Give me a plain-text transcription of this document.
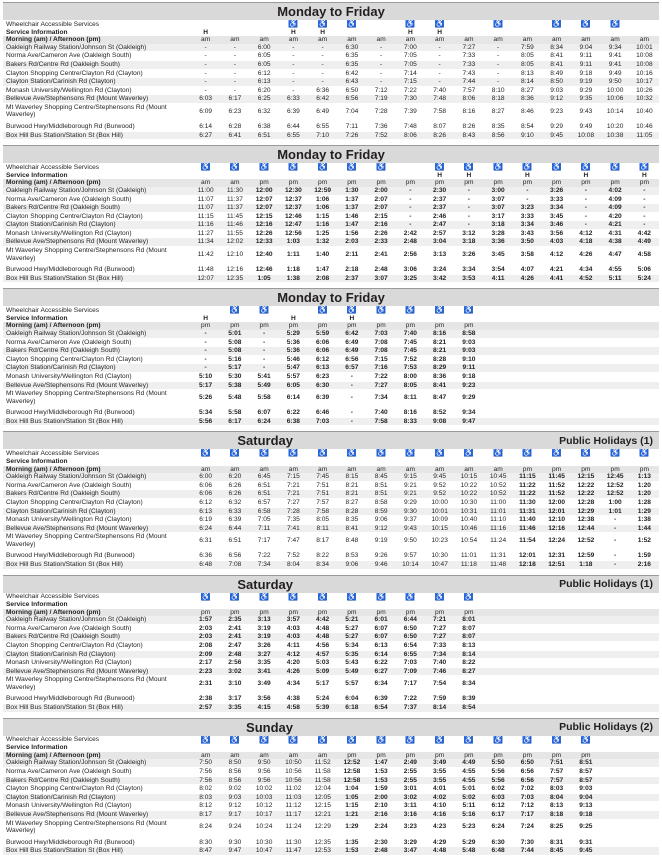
Monday to Friday
Wheelchair Accessible Services				♿	♿	♿		♿	♿		♿		♿	♿	♿	
Service Information	H			H	H			H	H							
Morning (am) / Afternoon (pm)	am	am	am	am	am	am	am	am	am	am	am	am	am	am	am	am
Oakleigh Railway Station/Johnson St (Oakleigh)	-	-	6:00	-	-	6:30	-	7:00	-	7:27	-	7:59	8:34	9:04	9:34	10:01
Norma Ave/Cameron Ave (Oakleigh South)	-	-	6:05	-	-	6:35	-	7:05	-	7:33	-	8:05	8:41	9:11	9:41	10:08
Bakers Rd/Centre Rd (Oakleigh South)	-	-	6:05	-	-	6:35	-	7:05	-	7:33	-	8:05	8:41	9:11	9:41	10:08
Clayton Shopping Centre/Clayton Rd (Clayton)	-	-	6:12	-	-	6:42	-	7:14	-	7:43	-	8:13	8:49	9:18	9:49	10:16
Clayton Station/Carinish Rd (Clayton)	-	-	6:13	-	-	6:43	-	7:15	-	7:44	-	8:14	8:50	9:19	9:50	10:17
Monash University/Wellington Rd (Clayton)	-	-	6:20	-	6:36	6:50	7:12	7:22	7:40	7:57	8:10	8:27	9:03	9:29	10:00	10:26
Bellevue Ave/Stephensons Rd (Mount Waverley)	6:03	6:17	6:25	6:33	6:42	6:56	7:19	7:30	7:48	8:06	8:18	8:36	9:12	9:35	10:06	10:32
Mt Waverley Shopping Centre/Stephensons Rd (Mount Waverley)	6:09	6:23	6:32	6:39	6:49	7:04	7:28	7:39	7:58	8:16	8:27	8:46	9:23	9:43	10:14	10:40

Burwood Hwy/Middleborough Rd (Burwood)	6:14	6:28	6:38	6:44	6:55	7:11	7:36	7:48	8:07	8:26	8:35	8:54	9:29	9:49	10:20	10:46
Box Hill Bus Station/Station St (Box Hill)	6:27	6:41	6:51	6:55	7:10	7:26	7:52	8:06	8:26	8:43	8:56	9:10	9:45	10:08	10:38	11:05
Monday to Friday
Wheelchair Accessible Services	♿	♿	♿	♿	♿	♿	♿		♿	♿	♿	♿	♿	♿	♿	♿
Service Information									H	H		H		H		H
Morning (am) / Afternoon (pm)	am	am	pm	pm	pm	pm	pm	pm	pm	pm	pm	pm	pm	pm	pm	pm
Oakleigh Railway Station/Johnson St (Oakleigh)	11:00	11:30	12:00	12:30	12:59	1:30	2:00	-	2:30	-	3:00	-	3:26	-	4:02	-
Norma Ave/Cameron Ave (Oakleigh South)	11:07	11:37	12:07	12:37	1:06	1:37	2:07	-	2:37	-	3:07	-	3:33	-	4:09	-
Bakers Rd/Centre Rd (Oakleigh South)	11:07	11:37	12:07	12:37	1:06	1:37	2:07	-	2:37	-	3:07	3:23	3:34	-	4:09	-
Clayton Shopping Centre/Clayton Rd (Clayton)	11:15	11:45	12:15	12:46	1:15	1:46	2:15	-	2:46	-	3:17	3:33	3:45	-	4:20	-
Clayton Station/Carinish Rd (Clayton)	11:16	11:46	12:16	12:47	1:16	1:47	2:16	-	2:47	-	3:18	3:34	3:46	-	4:21	-
Monash University/Wellington Rd (Clayton)	11:27	11:55	12:26	12:56	1:25	1:56	2:26	2:42	2:57	3:12	3:28	3:43	3:56	4:12	4:31	4:42
Bellevue Ave/Stephensons Rd (Mount Waverley)	11:34	12:02	12:33	1:03	1:32	2:03	2:33	2:48	3:04	3:18	3:36	3:50	4:03	4:18	4:38	4:49
Mt Waverley Shopping Centre/Stephensons Rd (Mount Waverley)	11:42	12:10	12:40	1:11	1:40	2:11	2:41	2:56	3:13	3:26	3:45	3:58	4:12	4:26	4:47	4:58

Burwood Hwy/Middleborough Rd (Burwood)	11:48	12:16	12:46	1:18	1:47	2:18	2:48	3:06	3:24	3:34	3:54	4:07	4:21	4:34	4:55	5:06
Box Hill Bus Station/Station St (Box Hill)	12:07	12:35	1:05	1:38	2:08	2:37	3:07	3:25	3:42	3:53	4:11	4:26	4:41	4:52	5:11	5:24
Monday to Friday
Wheelchair Accessible Services		♿	♿		♿	♿	♿	♿	♿	♿						
Service Information	H			H		H										
Morning (am) / Afternoon (pm)	pm	pm	pm	pm	pm	pm	pm	pm	pm	pm						
Oakleigh Railway Station/Johnson St (Oakleigh)	-	5:01	-	5:29	5:59	6:42	7:03	7:40	8:16	8:58						
Norma Ave/Cameron Ave (Oakleigh South)	-	5:08	-	5:36	6:06	6:49	7:08	7:45	8:21	9:03						
Bakers Rd/Centre Rd (Oakleigh South)	-	5:08	-	5:36	6:06	6:49	7:08	7:45	8:21	9:03						
Clayton Shopping Centre/Clayton Rd (Clayton)	-	5:16	-	5:46	6:12	6:56	7:15	7:52	8:28	9:10						
Clayton Station/Carinish Rd (Clayton)	-	5:17	-	5:47	6:13	6:57	7:16	7:53	8:29	9:11						
Monash University/Wellington Rd (Clayton)	5:10	5:30	5:41	5:57	6:23	-	7:22	8:00	8:36	9:18						
Bellevue Ave/Stephensons Rd (Mount Waverley)	5:17	5:38	5:49	6:05	6:30	-	7:27	8:05	8:41	9:23						
Mt Waverley Shopping Centre/Stephensons Rd (Mount Waverley)	5:26	5:48	5:58	6:14	6:39	-	7:34	8:11	8:47	9:29						

Burwood Hwy/Middleborough Rd (Burwood)	5:34	5:58	6:07	6:22	6:46	-	7:40	8:16	8:52	9:34						
Box Hill Bus Station/Station St (Box Hill)	5:56	6:17	6:24	6:38	7:03	-	7:58	8:33	9:08	9:47						
Saturday	Public Holidays (1)
Wheelchair Accessible Services	♿	♿	♿	♿	♿	♿	♿	♿	♿	♿	♿	♿	♿	♿	♿	♿
Service Information																
Morning (am) / Afternoon (pm)	am	am	am	am	am	am	am	am	am	am	am	pm	pm	pm	pm	pm
Oakleigh Railway Station/Johnson St (Oakleigh)	6:00	6:20	6:45	7:15	7:45	8:15	8:45	9:15	9:45	10:15	10:45	11:15	11:45	12:15	12:45	1:13
Norma Ave/Cameron Ave (Oakleigh South)	6:06	6:26	6:51	7:21	7:51	8:21	8:51	9:21	9:52	10:22	10:52	11:22	11:52	12:22	12:52	1:20
Bakers Rd/Centre Rd (Oakleigh South)	6:06	6:26	6:51	7:21	7:51	8:21	8:51	9:21	9:52	10:22	10:52	11:22	11:52	12:22	12:52	1:20
Clayton Shopping Centre/Clayton Rd (Clayton)	6:12	6:32	6:57	7:27	7:57	8:27	8:58	9:29	10:00	10:30	11:00	11:30	12:00	12:28	1:00	1:28
Clayton Station/Carinish Rd (Clayton)	6:13	6:33	6:58	7:28	7:58	8:28	8:59	9:30	10:01	10:31	11:01	11:31	12:01	12:29	1:01	1:29
Monash University/Wellington Rd (Clayton)	6:19	6:39	7:05	7:35	8:05	8:35	9:06	9:37	10:09	10:40	11:10	11:40	12:10	12:38	-	1:38
Bellevue Ave/Stephensons Rd (Mount Waverley)	6:24	6:44	7:11	7:41	8:11	8:41	9:12	9:43	10:15	10:46	11:16	11:46	12:16	12:44	-	1:44
Mt Waverley Shopping Centre/Stephensons Rd (Mount Waverley)	6:31	6:51	7:17	7:47	8:17	8:48	9:19	9:50	10:23	10:54	11:24	11:54	12:24	12:52	-	1:52

Burwood Hwy/Middleborough Rd (Burwood)	6:36	6:56	7:22	7:52	8:22	8:53	9:26	9:57	10:30	11:01	11:31	12:01	12:31	12:59	-	1:59
Box Hill Bus Station/Station St (Box Hill)	6:48	7:08	7:34	8:04	8:34	9:06	9:46	10:14	10:47	11:18	11:48	12:18	12:51	1:18	-	2:16
Saturday	Public Holidays (1)
Wheelchair Accessible Services	♿	♿	♿	♿	♿	♿	♿	♿	♿	♿						
Service Information																
Morning (am) / Afternoon (pm)	pm	pm	pm	pm	pm	pm	pm	pm	pm	pm						
Oakleigh Railway Station/Johnson St (Oakleigh)	1:57	2:35	3:13	3:57	4:42	5:21	6:01	6:44	7:21	8:01						
Norma Ave/Cameron Ave (Oakleigh South)	2:03	2:41	3:19	4:03	4:48	5:27	6:07	6:50	7:27	8:07						
Bakers Rd/Centre Rd (Oakleigh South)	2:03	2:41	3:19	4:03	4:48	5:27	6:07	6:50	7:27	8:07						
Clayton Shopping Centre/Clayton Rd (Clayton)	2:08	2:47	3:26	4:11	4:56	5:34	6:13	6:54	7:33	8:13						
Clayton Station/Carinish Rd (Clayton)	2:09	2:48	3:27	4:12	4:57	5:35	6:14	6:55	7:34	8:14						
Monash University/Wellington Rd (Clayton)	2:17	2:56	3:35	4:20	5:03	5:43	6:22	7:03	7:40	8:22						
Bellevue Ave/Stephensons Rd (Mount Waverley)	2:23	3:02	3:41	4:26	5:09	5:49	6:27	7:09	7:46	8:27						
Mt Waverley Shopping Centre/Stephensons Rd (Mount Waverley)	2:31	3:10	3:49	4:34	5:17	5:57	6:34	7:17	7:54	8:34						

Burwood Hwy/Middleborough Rd (Burwood)	2:38	3:17	3:56	4:38	5:24	6:04	6:39	7:22	7:59	8:39						
Box Hill Bus Station/Station St (Box Hill)	2:57	3:35	4:15	4:58	5:39	6:18	6:54	7:37	8:14	8:54						
Sunday	Public Holidays (2)
Wheelchair Accessible Services	♿	♿	♿	♿	♿	♿	♿	♿	♿	♿	♿	♿	♿	♿		
Service Information																
Morning (am) / Afternoon (pm)	am	am	am	am	am	pm	pm	pm	pm	pm	pm	pm	pm	pm		
Oakleigh Railway Station/Johnson St (Oakleigh)	7:50	8:50	9:50	10:50	11:52	12:52	1:47	2:49	3:49	4:49	5:50	6:50	7:51	8:51		
Norma Ave/Cameron Ave (Oakleigh South)	7:56	8:56	9:56	10:56	11:58	12:58	1:53	2:55	3:55	4:55	5:56	6:56	7:57	8:57		
Bakers Rd/Centre Rd (Oakleigh South)	7:56	8:56	9:56	10:56	11:58	12:58	1:53	2:55	3:55	4:55	5:56	6:56	7:57	8:57		
Clayton Shopping Centre/Clayton Rd (Clayton)	8:02	9:02	10:02	11:02	12:04	1:04	1:59	3:01	4:01	5:01	6:02	7:02	8:03	9:03		
Clayton Station/Carinish Rd (Clayton)	8:03	9:03	10:03	11:03	12:05	1:05	2:00	3:02	4:02	5:02	6:03	7:03	8:04	9:04		
Monash University/Wellington Rd (Clayton)	8:12	9:12	10:12	11:12	12:15	1:15	2:10	3:11	4:10	5:11	6:12	7:12	8:13	9:13		
Bellevue Ave/Stephensons Rd (Mount Waverley)	8:17	9:17	10:17	11:17	12:21	1:21	2:16	3:16	4:16	5:16	6:17	7:17	8:18	9:18		
Mt Waverley Shopping Centre/Stephensons Rd (Mount Waverley)	8:24	9:24	10:24	11:24	12:29	1:29	2:24	3:23	4:23	5:23	6:24	7:24	8:25	9:25		

Burwood Hwy/Middleborough Rd (Burwood)	8:30	9:30	10:30	11:30	12:35	1:35	2:30	3:29	4:29	5:29	6:30	7:30	8:31	9:31		
Box Hill Bus Station/Station St (Box Hill)	8:47	9:47	10:47	11:47	12:53	1:53	2:48	3:47	4:48	5:48	6:48	7:44	8:45	9:45		
